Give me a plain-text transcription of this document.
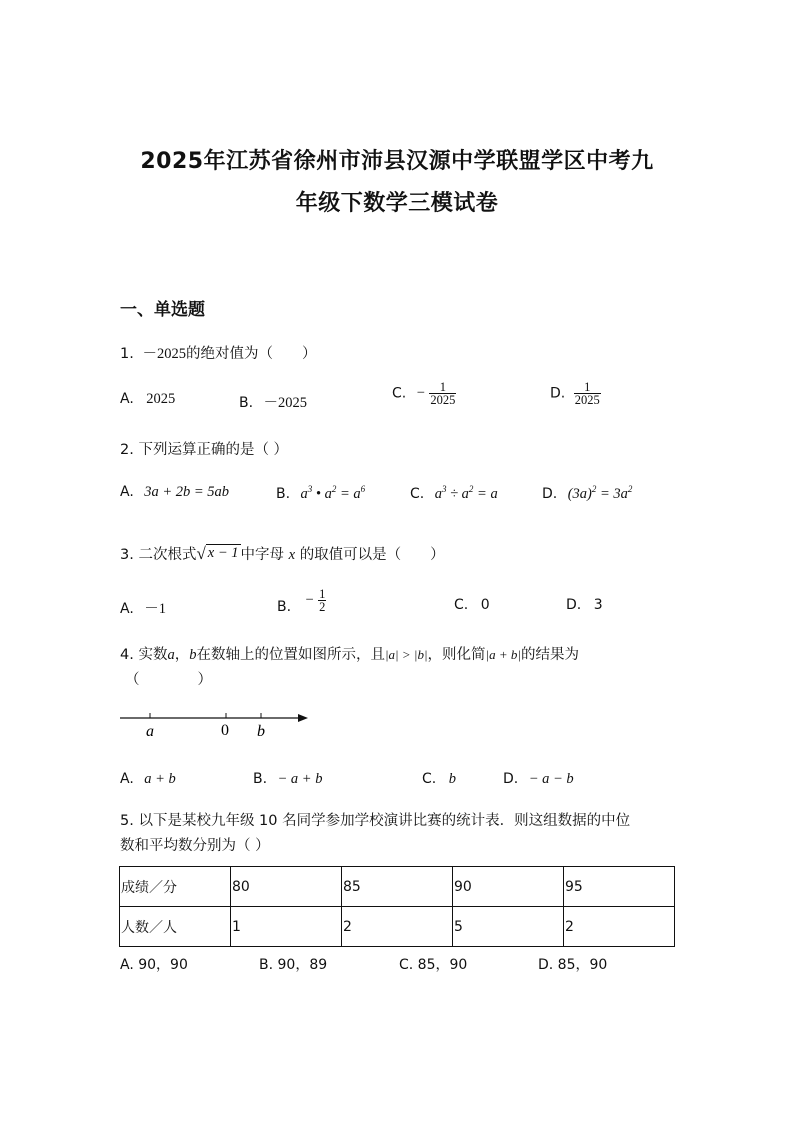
2025年江苏省徐州市沛县汉源中学联盟学区中考九
年级下数学三模试卷
一、单选题
1. －2025的绝对值为（　　）
A. 2025	B. －2025
C. − $\frac{1}{2025}$	D. $\frac{1}{2025}$
2. 下列运算正确的是（ ）
A. 3a + 2b = 5ab	B. $a^3$ • $a^2 = a^6$	C. $a^3 \div a^2 = a$	D. $(3a)^2 = 3a^2$
3. 二次根式√ x − 1 中字母 x 的取值可以是（　　）
A. －1	B. − $\frac{1}{2}$	C. 0	D. 3
4. 实数a，b在数轴上的位置如图所示，且|a| > |b|，则化简|a + b|的结果为
（　　　　）
a	0 b
A. a + b	B. − a + b	C. b	D. − a − b
5. 以下是某校九年级 10 名同学参加学校演讲比赛的统计表．则这组数据的中位
数和平均数分别为（ ）
成绩／分	80	85	90	95
人数／人	1	2	5	2
A. 90，90	B. 90，89	C. 85，90	D. 85，90
